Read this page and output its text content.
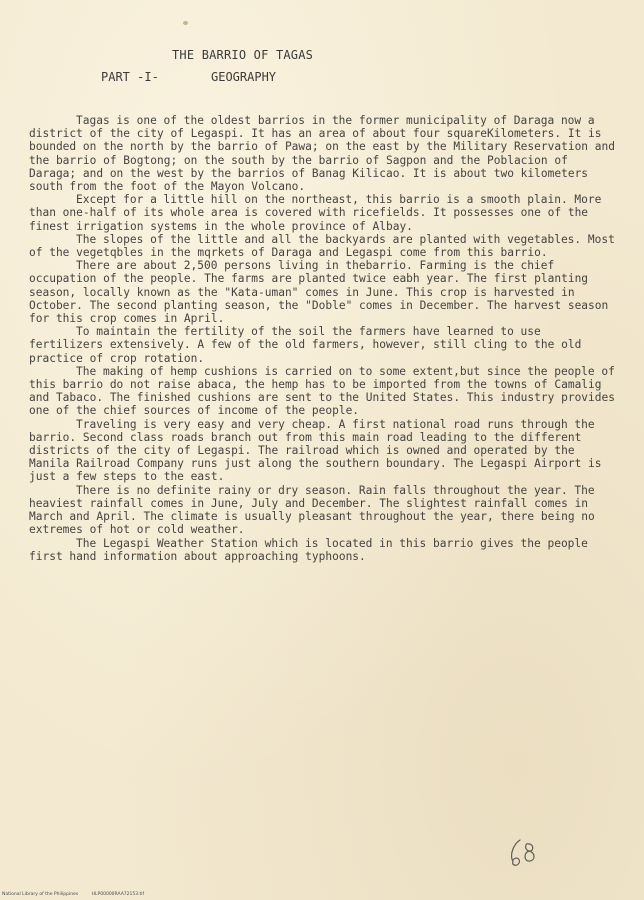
THE BARRIO OF TAGAS
PART -I-	GEOGRAPHY

Tagas is one of the oldest barrios in the former municipality of Daraga now a district of the city of Legaspi. It has an area of about four squareKilometers. It is bounded on the north by the barrio of Pawa; on the east by the Military Reservation and the barrio of Bogtong; on the south by the barrio of Sagpon and the Poblacion of Daraga; and on the west by the barrios of Banag Kilicao. It is about two kilometers south from the foot of the Mayon Volcano.

Except for a little hill on the northeast, this barrio is a smooth plain. More than one-half of its whole area is covered with ricefields. It possesses one of the finest irrigation systems in the whole province of Albay.

The slopes of the little and all the backyards are planted with vegetables. Most of the vegetqbles in the mqrkets of Daraga and Legaspi come from this barrio.

There are about 2,500 persons living in thebarrio. Farming is the chief occupation of the people. The farms are planted twice eabh year. The first planting season, locally known as the "Kata-uman" comes in June. This crop is harvested in October. The second planting season, the "Doble" comes in December. The harvest season for this crop comes in April.

To maintain the fertility of the soil the farmers have learned to use fertilizers extensively. A few of the old farmers, however, still cling to the old practice of crop rotation.

The making of hemp cushions is carried on to some extent,but since the people of this barrio do not raise abaca, the hemp has to be imported from the towns of Camalig and Tabaco. The finished cushions are sent to the United States. This industry provides one of the chief sources of income of the people.

Traveling is very easy and very cheap. A first national road runs through the barrio. Second class roads branch out from this main road leading to the different districts of the city of Legaspi. The railroad which is owned and operated by the Manila Railroad Company runs just along the southern boundary. The Legaspi Airport is just a few steps to the east.

There is no definite rainy or dry season. Rain falls throughout the year. The heaviest rainfall comes in June, July and December. The slightest rainfall comes in March and April. The climate is usually pleasant throughout the year, there being no extremes of hot or cold weather.

The Legaspi Weather Station which is located in this barrio gives the people first hand information about approaching typhoons.

National Library of the Philippines	HLP00000RAA72153.tif
